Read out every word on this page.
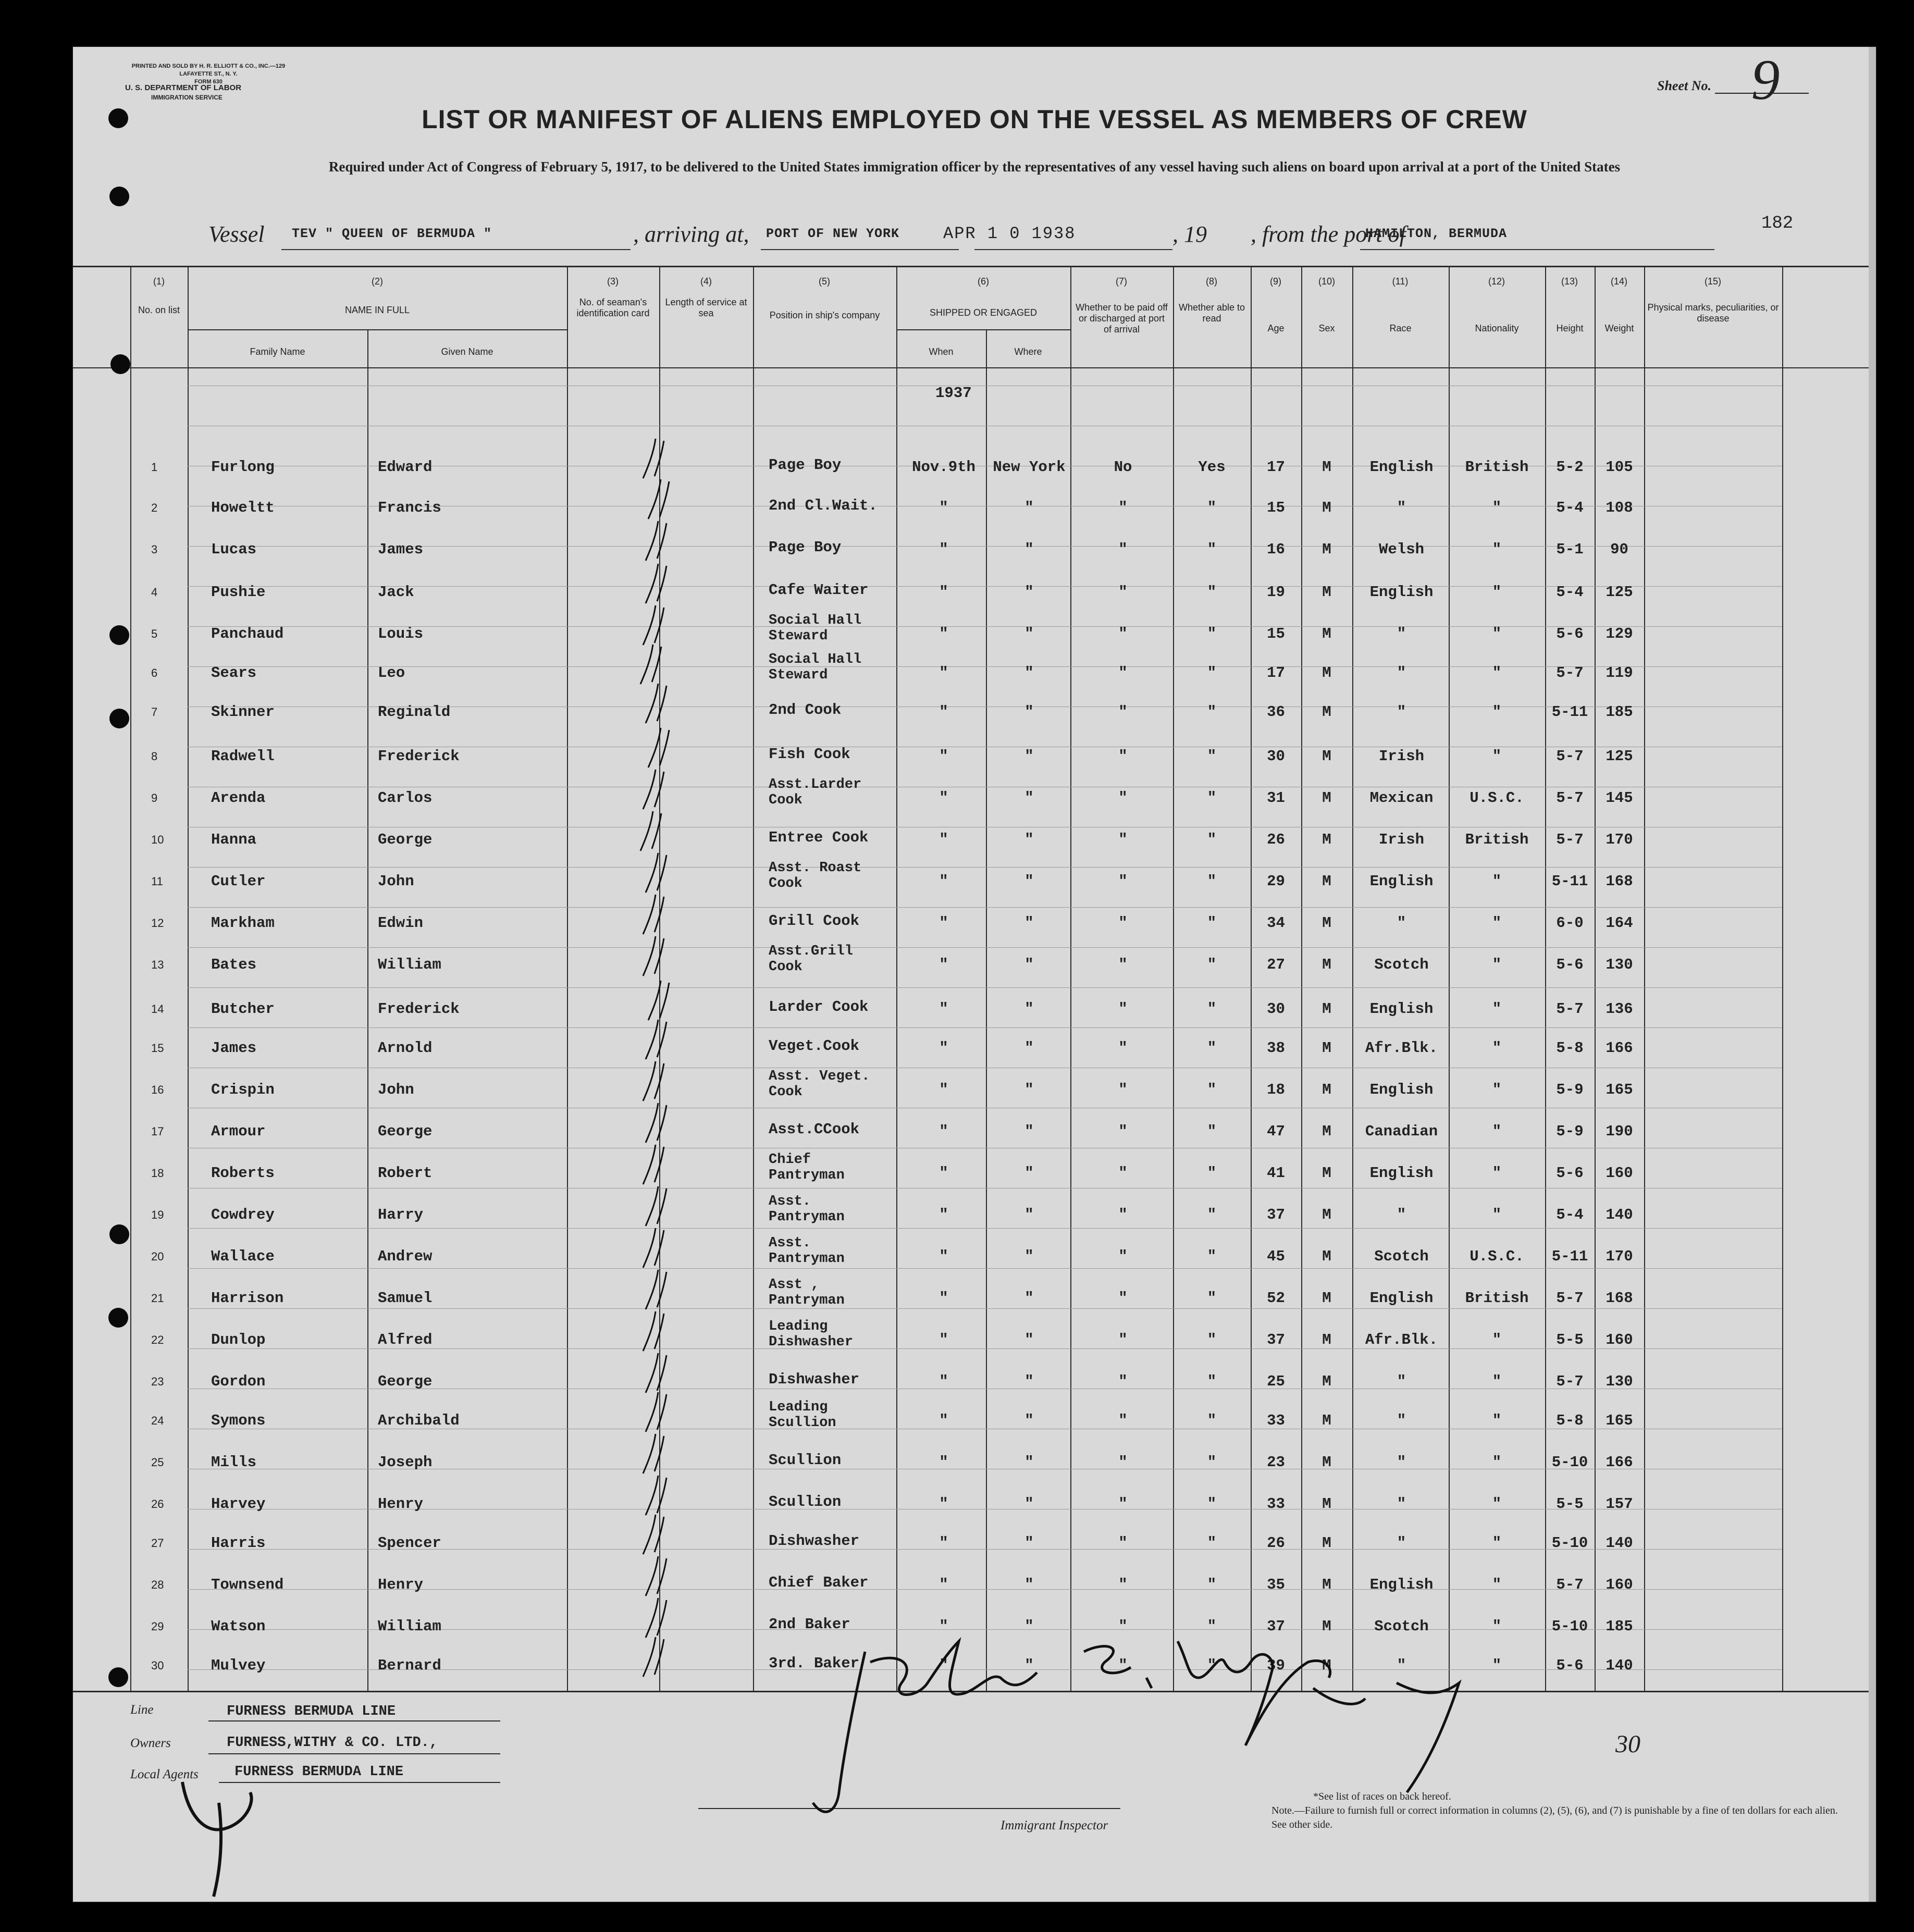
PRINTED AND SOLD BY H. R. ELLIOTT & CO., INC.—129 LAFAYETTE ST., N. Y.
FORM 630
U. S. DEPARTMENT OF LABOR
IMMIGRATION SERVICE
Sheet No. 9
LIST OR MANIFEST OF ALIENS EMPLOYED ON THE VESSEL AS MEMBERS OF CREW
Required under Act of Congress of February 5, 1917, to be delivered to the United States immigration officer by the representatives of any vessel having such aliens on board upon arrival at a port of the United States
Vessel TEV " QUEEN OF BERMUDA "	, arriving at, PORT OF NEW YORK	, 19 , from the port of
HAMILTON, BERMUDA
APR 1 0 1938
182
(1)	(2)	(3)	(4)	(5)	(6)	(7)	(8)	(9)	(10)	(11)	(12)	(13)	(14)	(15)
No. on list	NAME IN FULL
Family Name	Given Name
No. of seaman's identification card
Length of service at sea	Position in ship's company	SHIPPED OR ENGAGED
When	Where
Whether to be paid off or discharged at port of arrival
Whether able to read
Age	Sex	Race	Nationality	Height	Weight
Physical marks, peculiarities, or disease
1937
1	Furlong	Edward	Page Boy	Nov.9th	New York	No	Yes	17	M	English	British	5-2	105
2	Howeltt	Francis	2nd Cl.Wait.	"	"	"	"	15	M	"	"	5-4	108
3	Lucas	James	Page Boy	"	"	"	"	16	M	Welsh	"	5-1	90
4	Pushie	Jack	Cafe Waiter	"	"	"	"	19	M	English	"	5-4	125
5	Panchaud	Louis
Social Hall
Steward	"	"	"	"	15	M	"	"	5-6	129
6	Sears	Leo
Social Hall
Steward	"	"	"	"	17	M	"	"	5-7	119
7	Skinner	Reginald	2nd Cook	"	"	"	"	36	M	"	"	5-11	185
8	Radwell	Frederick	Fish Cook	"	"	"	"	30	M	Irish	"	5-7	125
9	Arenda	Carlos
Asst.Larder
Cook	"	"	"	"	31	M	Mexican	U.S.C.	5-7	145
10	Hanna	George	Entree Cook	"	"	"	"	26	M	Irish	British	5-7	170
11	Cutler	John
Asst. Roast
Cook	"	"	"	"	29	M	English	"	5-11	168
12	Markham	Edwin	Grill Cook	"	"	"	"	34	M	"	"	6-0	164
13	Bates	William
Asst.Grill
Cook	"	"	"	"	27	M	Scotch	"	5-6	130
14	Butcher	Frederick	Larder Cook	"	"	"	"	30	M	English	"	5-7	136
15	James	Arnold	Veget.Cook	"	"	"	"	38	M	Afr.Blk.	"	5-8	166
16	Crispin	John
Asst. Veget.
Cook	"	"	"	"	18	M	English	"	5-9	165
17	Armour	George	Asst.CCook	"	"	"	"	47	M	Canadian	"	5-9	190
18	Roberts	Robert
Chief
Pantryman	"	"	"	"	41	M	English	"	5-6	160
19	Cowdrey	Harry
Asst.
Pantryman	"	"	"	"	37	M	"	"	5-4	140
20	Wallace	Andrew
Asst.
Pantryman	"	"	"	"	45	M	Scotch	U.S.C.	5-11	170
21	Harrison	Samuel
Asst ,
Pantryman	"	"	"	"	52	M	English	British	5-7	168
22	Dunlop	Alfred
Leading
Dishwasher	"	"	"	"	37	M	Afr.Blk.	"	5-5	160
23	Gordon	George	Dishwasher	"	"	"	"	25	M	"	"	5-7	130
24	Symons	Archibald
Leading
Scullion	"	"	"	"	33	M	"	"	5-8	165
25	Mills	Joseph	Scullion	"	"	"	"	23	M	"	"	5-10	166
26	Harvey	Henry	Scullion	"	"	"	"	33	M	"	"	5-5	157
27	Harris	Spencer	Dishwasher	"	"	"	"	26	M	"	"	5-10	140
28	Townsend	Henry	Chief Baker	"	"	"	"	35	M	English	"	5-7	160
29	Watson	William	2nd Baker	"	"	"	"	37	M	Scotch	"	5-10	185
30	Mulvey	Bernard	3rd. Baker	"	"	"	"	39	M	"	"	5-6	140
Line	FURNESS BERMUDA LINE
Owners	FURNESS,WITHY & CO. LTD.,
Local Agents	FURNESS BERMUDA LINE
Immigrant Inspector
*See list of races on back hereof.
Note.—Failure to furnish full or correct information in columns (2), (5), (6), and (7) is punishable by a fine of ten dollars for each alien. See other side.
30
